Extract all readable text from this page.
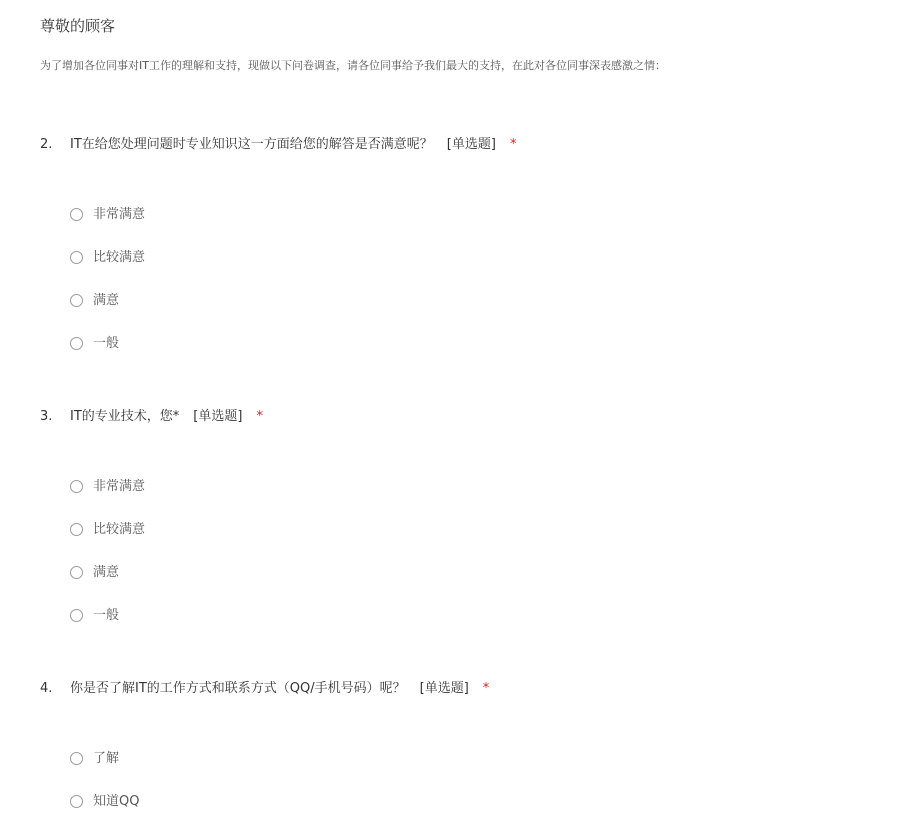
尊敬的顾客
为了增加各位同事对IT工作的理解和支持，现做以下问卷调查，请各位同事给予我们最大的支持，在此对各位同事深表感激之情：
2. IT在给您处理问题时专业知识这一方面给您的解答是否满意呢？ [单选题] *
非常满意
比较满意
满意
一般
3. IT的专业技术，您* [单选题] *
非常满意
比较满意
满意
一般
4. 你是否了解IT的工作方式和联系方式（QQ/手机号码）呢？ [单选题] *
了解
知道QQ
